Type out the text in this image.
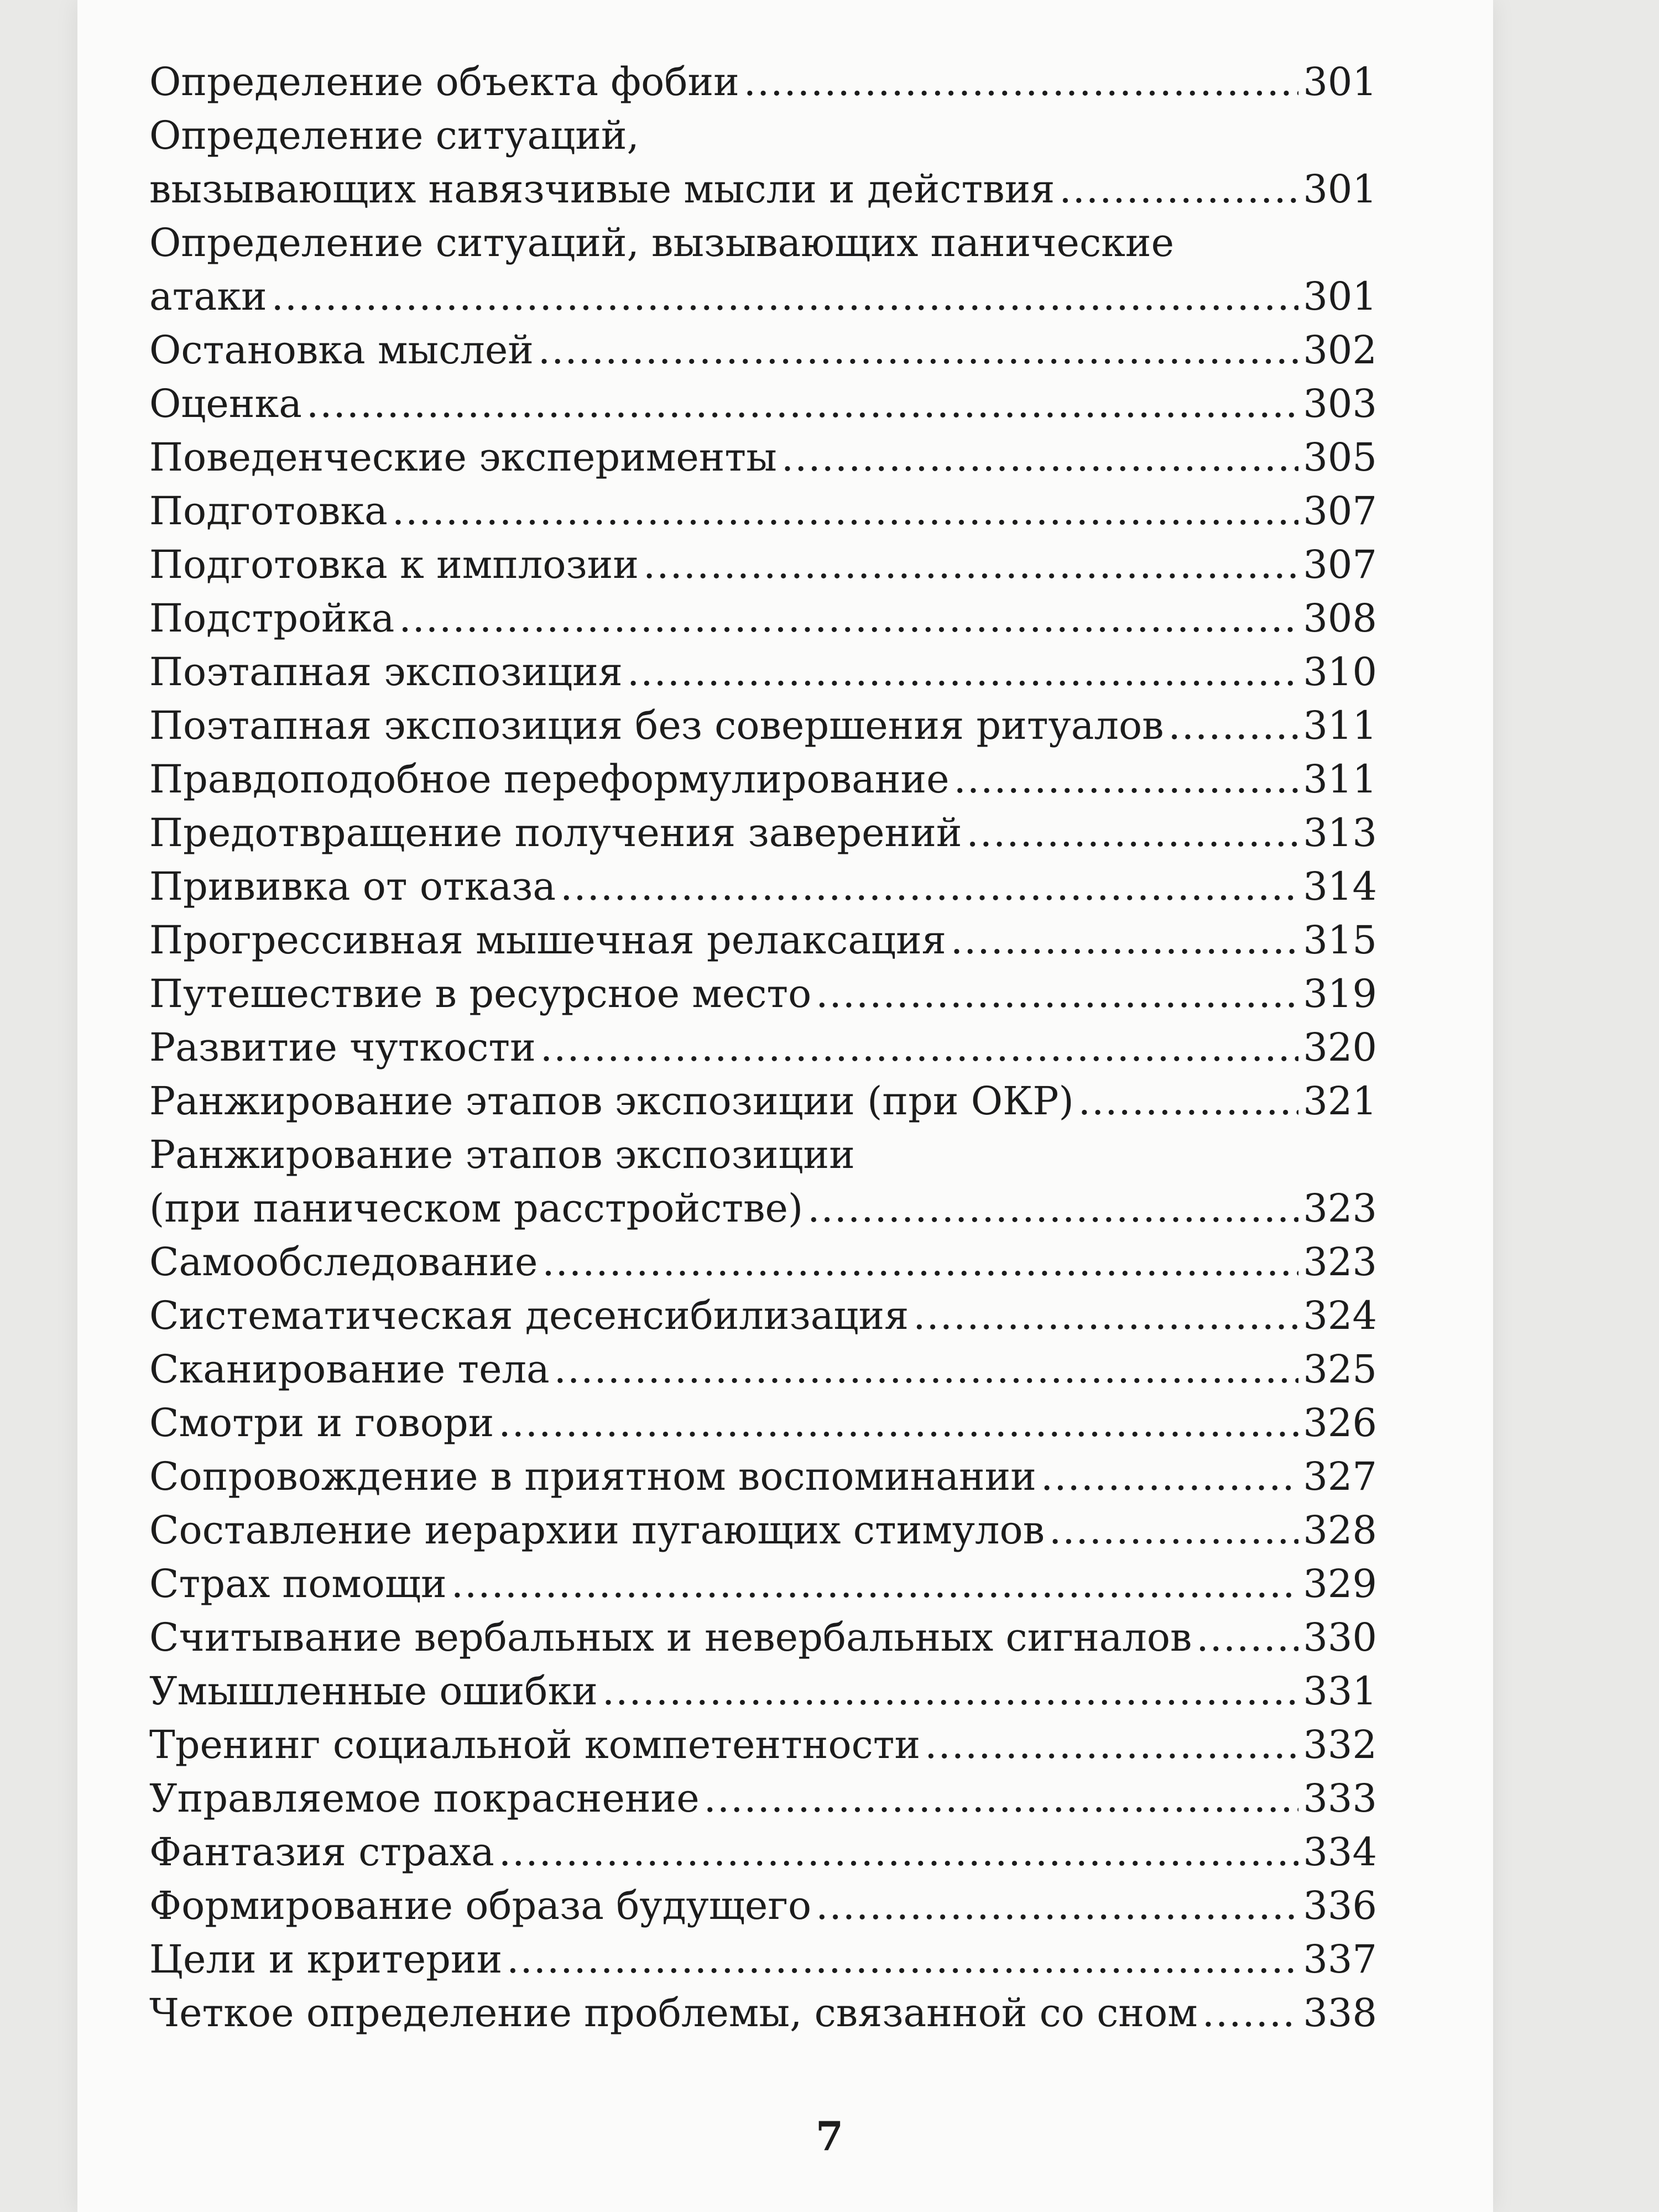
Определение объекта фобии .....	301
Определение ситуаций,
вызывающих навязчивые мысли и действия .....	301
Определение ситуаций, вызывающих панические
атаки .....	301
Остановка мыслей .....	302
Оценка .....	303
Поведенческие эксперименты .....	305
Подготовка .....	307
Подготовка к имплозии .....	307
Подстройка .....	308
Поэтапная экспозиция .....	310
Поэтапная экспозиция без совершения ритуалов .....	311
Правдоподобное переформулирование .....	311
Предотвращение получения заверений .....	313
Прививка от отказа .....	314
Прогрессивная мышечная релаксация .....	315
Путешествие в ресурсное место .....	319
Развитие чуткости .....	320
Ранжирование этапов экспозиции (при ОКР) .....	321
Ранжирование этапов экспозиции
(при паническом расстройстве) .....	323
Самообследование .....	323
Систематическая десенсибилизация .....	324
Сканирование тела .....	325
Смотри и говори .....	326
Сопровождение в приятном воспоминании .....	327
Составление иерархии пугающих стимулов .....	328
Страх помощи .....	329
Считывание вербальных и невербальных сигналов .....	330
Умышленные ошибки .....	331
Тренинг социальной компетентности .....	332
Управляемое покраснение .....	333
Фантазия страха .....	334
Формирование образа будущего .....	336
Цели и критерии .....	337
Четкое определение проблемы, связанной со сном .....	338
7
